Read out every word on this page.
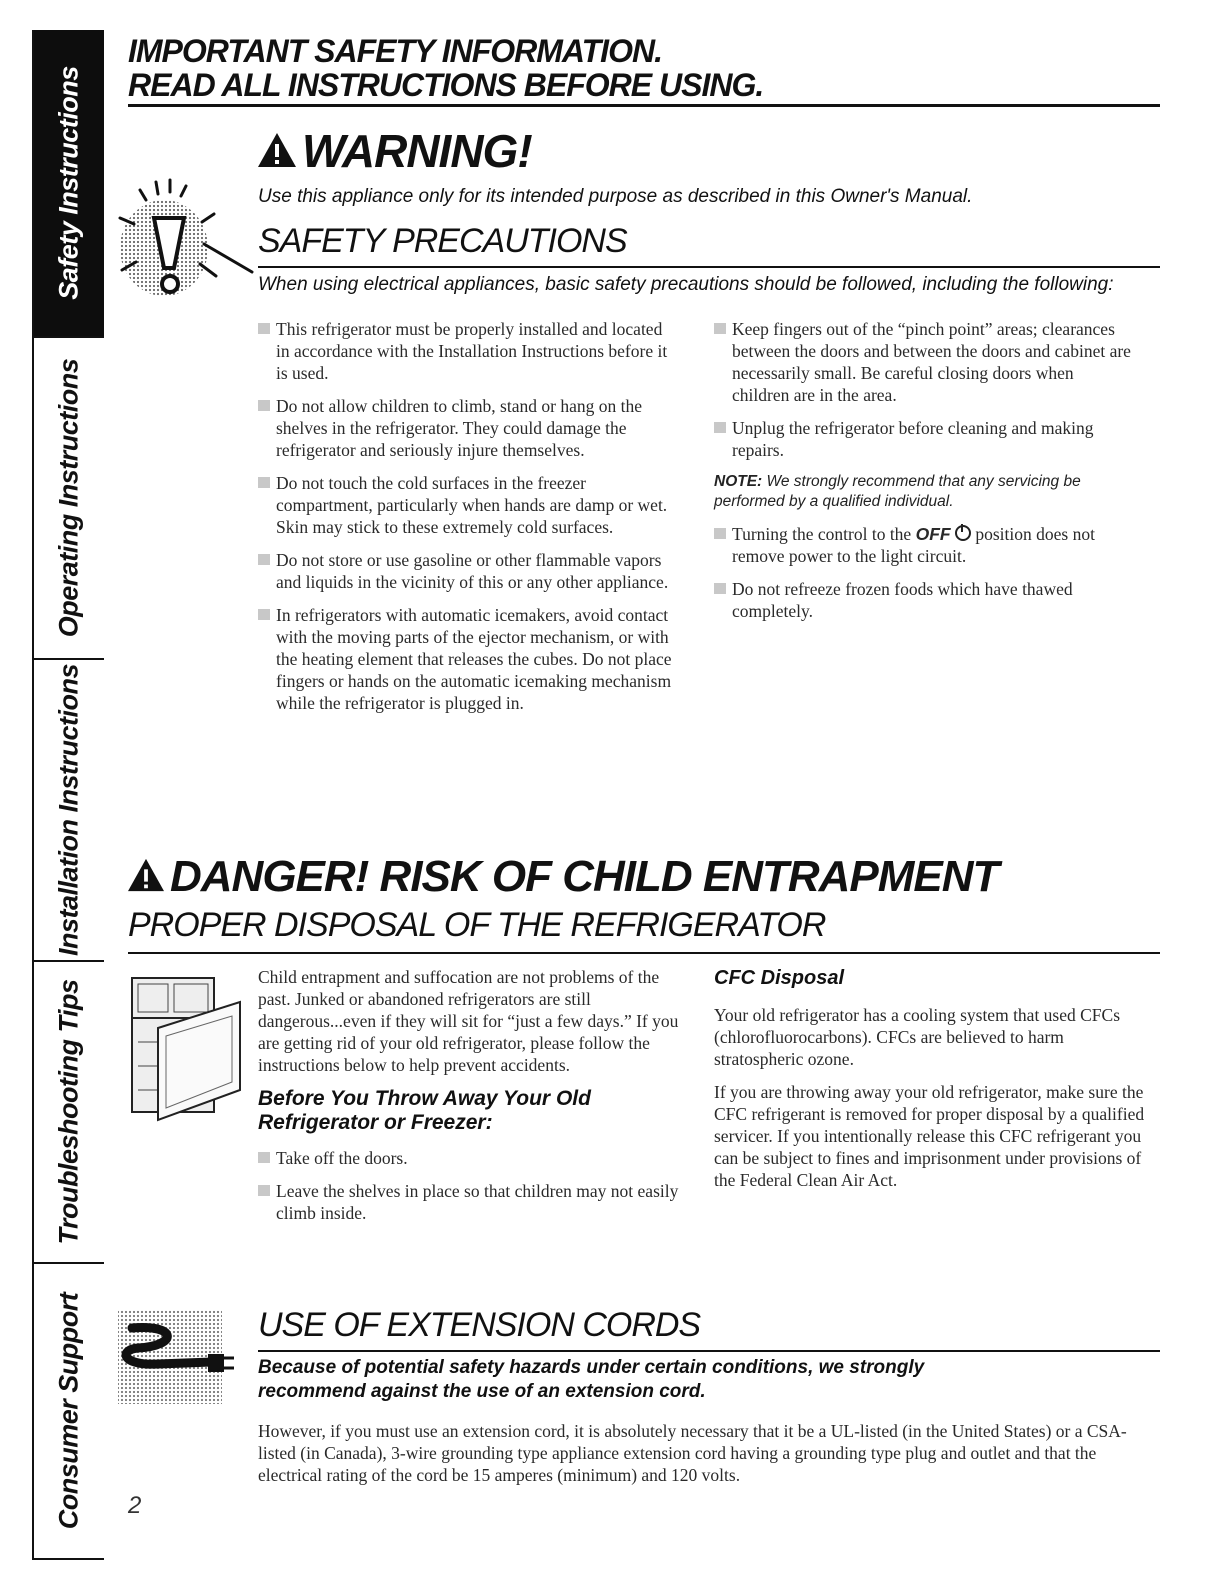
Safety Instructions
Operating Instructions
Installation Instructions
Troubleshooting Tips
Consumer Support
IMPORTANT SAFETY INFORMATION.
READ ALL INSTRUCTIONS BEFORE USING.
WARNING!
Use this appliance only for its intended purpose as described in this Owner's Manual.
SAFETY PRECAUTIONS
When using electrical appliances, basic safety precautions should be followed, including the following:
This refrigerator must be properly installed and located in accordance with the Installation Instructions before it is used.
Do not allow children to climb, stand or hang on the shelves in the refrigerator. They could damage the refrigerator and seriously injure themselves.
Do not touch the cold surfaces in the freezer compartment, particularly when hands are damp or wet. Skin may stick to these extremely cold surfaces.
Do not store or use gasoline or other flammable vapors and liquids in the vicinity of this or any other appliance.
In refrigerators with automatic icemakers, avoid contact with the moving parts of the ejector mechanism, or with the heating element that releases the cubes. Do not place fingers or hands on the automatic icemaking mechanism while the refrigerator is plugged in.
Keep fingers out of the “pinch point” areas; clearances between the doors and between the doors and cabinet are necessarily small. Be careful closing doors when children are in the area.
Unplug the refrigerator before cleaning and making repairs.
NOTE: We strongly recommend that any servicing be performed by a qualified individual.
Turning the control to the OFF position does not remove power to the light circuit.
Do not refreeze frozen foods which have thawed completely.
DANGER! RISK OF CHILD ENTRAPMENT
PROPER DISPOSAL OF THE REFRIGERATOR
Child entrapment and suffocation are not problems of the past. Junked or abandoned refrigerators are still dangerous...even if they will sit for “just a few days.” If you are getting rid of your old refrigerator, please follow the instructions below to help prevent accidents.
Before You Throw Away Your Old Refrigerator or Freezer:
Take off the doors.
Leave the shelves in place so that children may not easily climb inside.
CFC Disposal
Your old refrigerator has a cooling system that used CFCs (chlorofluorocarbons). CFCs are believed to harm stratospheric ozone.
If you are throwing away your old refrigerator, make sure the CFC refrigerant is removed for proper disposal by a qualified servicer. If you intentionally release this CFC refrigerant you can be subject to fines and imprisonment under provisions of the Federal Clean Air Act.
USE OF EXTENSION CORDS
Because of potential safety hazards under certain conditions, we strongly recommend against the use of an extension cord.
However, if you must use an extension cord, it is absolutely necessary that it be a UL-listed (in the United States) or a CSA-listed (in Canada), 3-wire grounding type appliance extension cord having a grounding type plug and outlet and that the electrical rating of the cord be 15 amperes (minimum) and 120 volts.
2
